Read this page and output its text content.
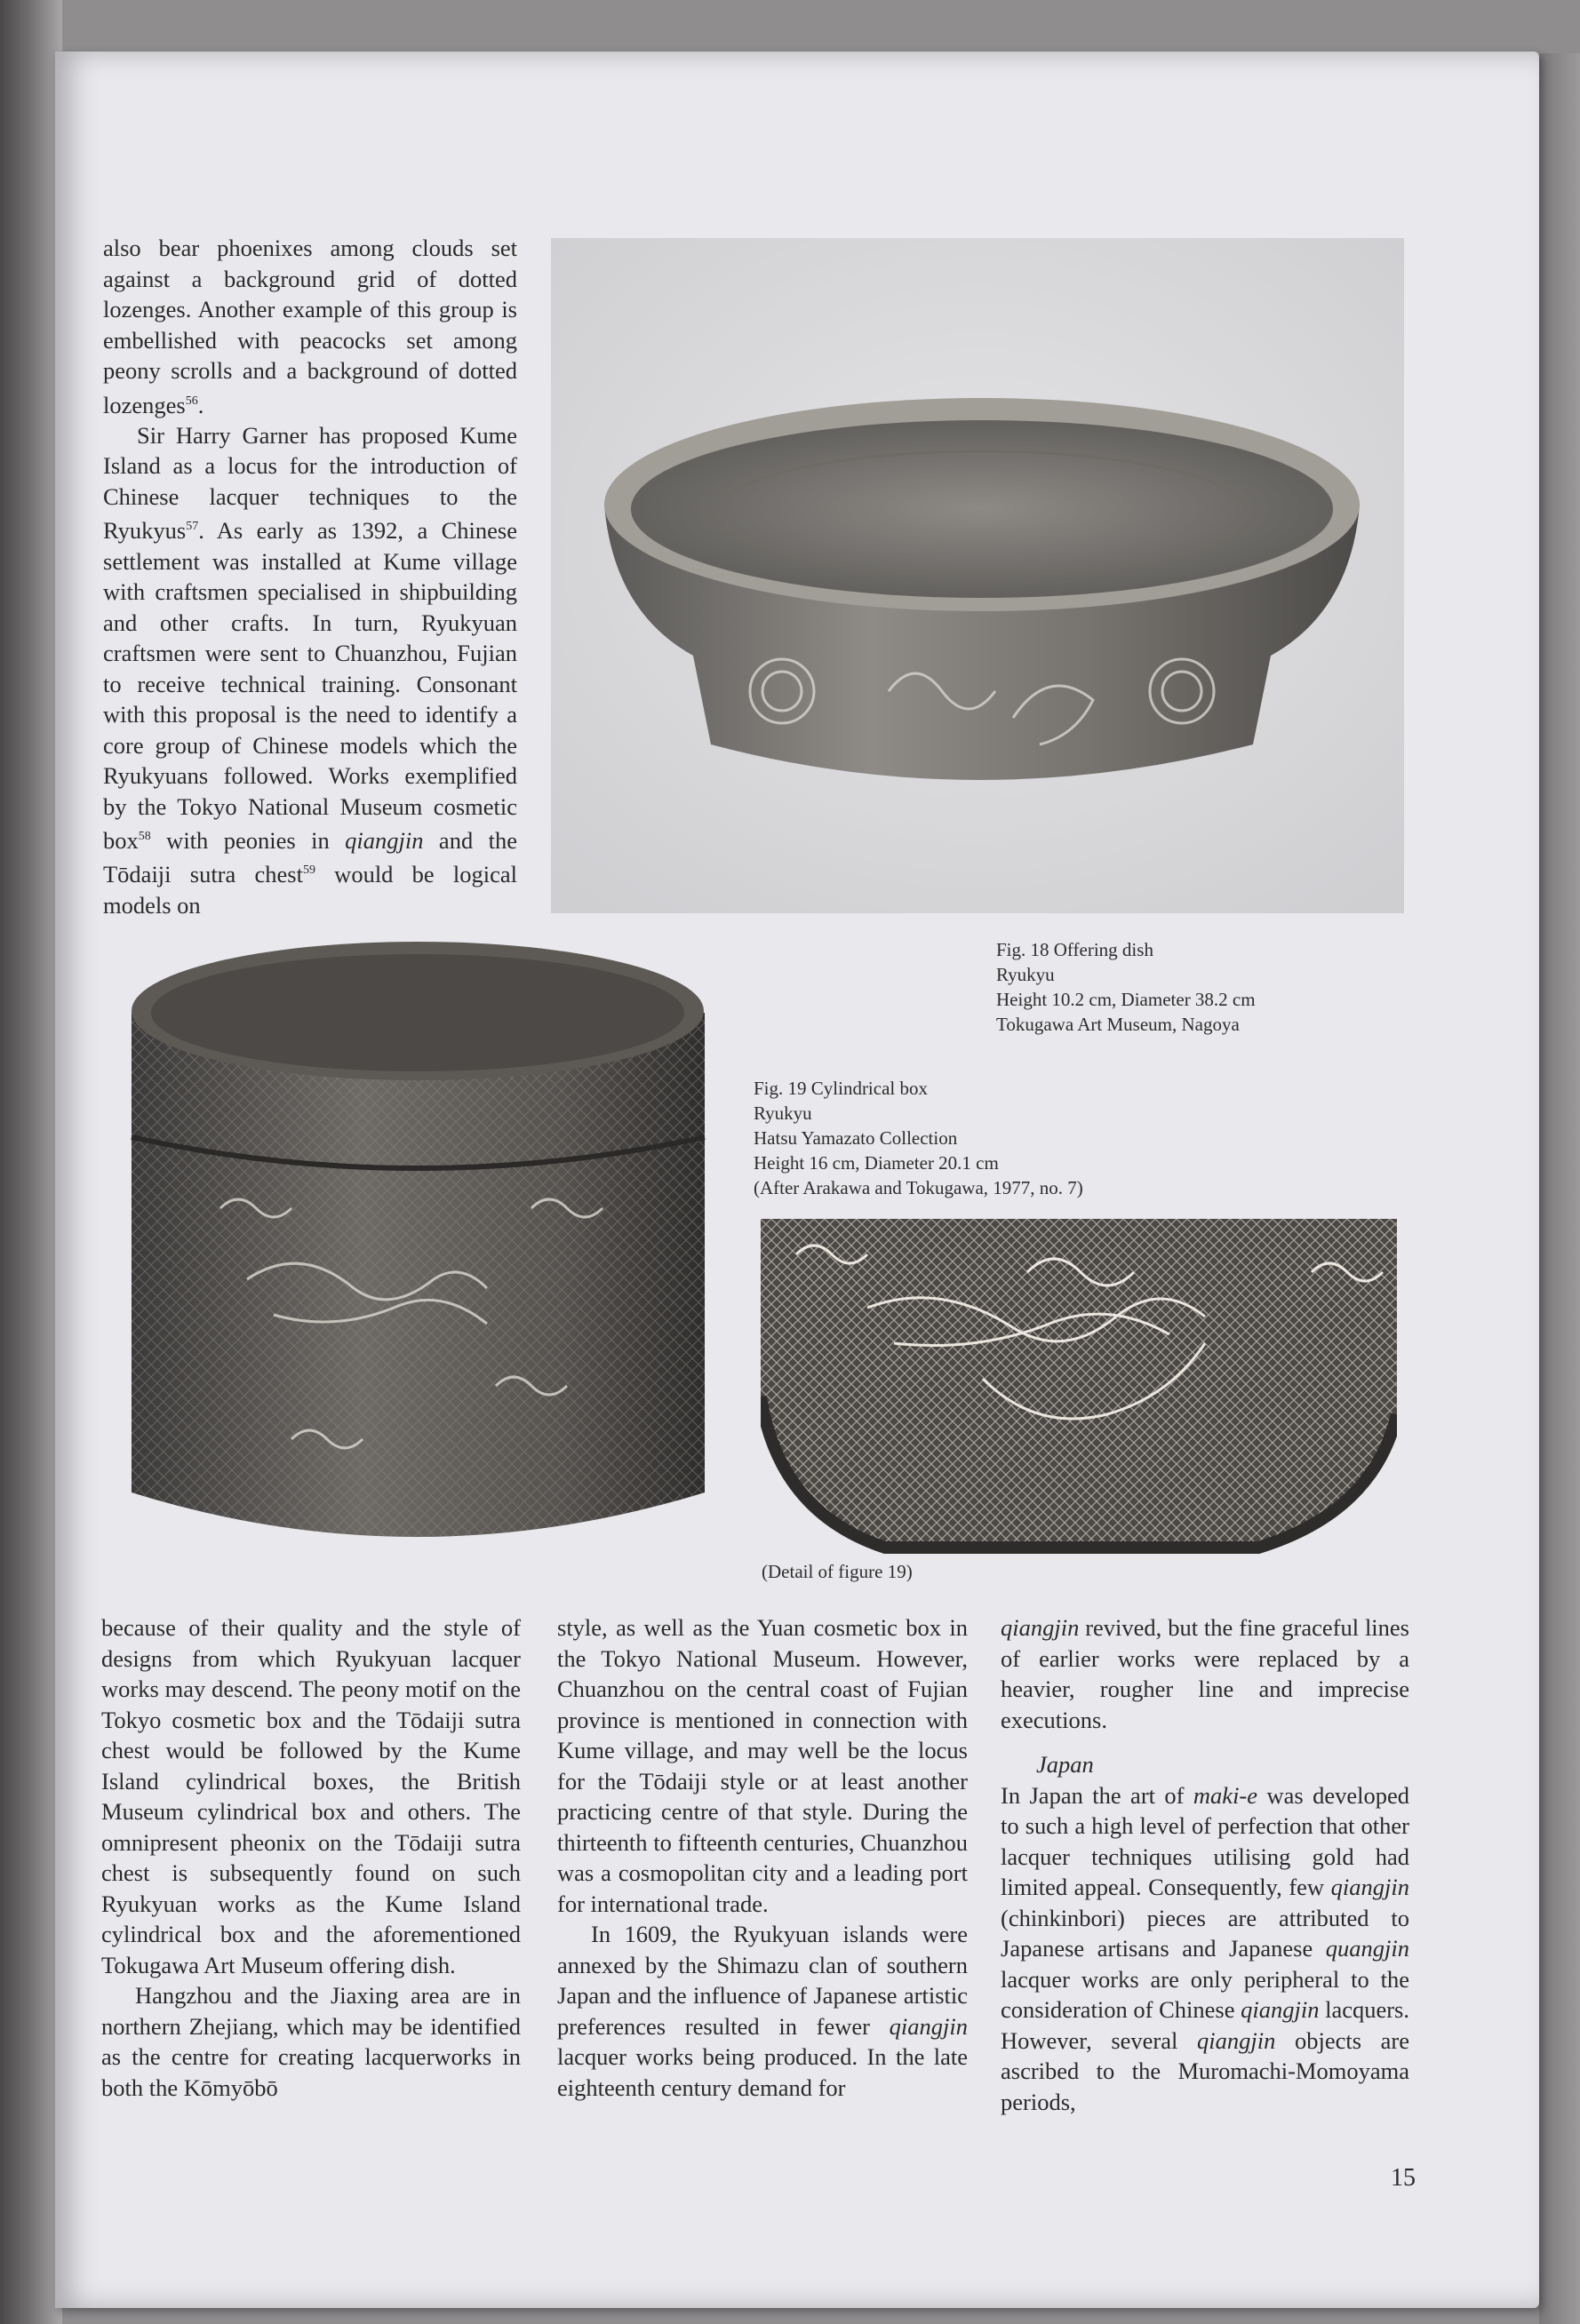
also bear phoenixes among clouds set against a background grid of dotted lozenges. Another example of this group is embellished with peacocks set among peony scrolls and a background of dotted lozenges$^{56}$.

Sir Harry Garner has proposed Kume Island as a locus for the introduction of Chinese lacquer techniques to the Ryukyus$^{57}$. As early as 1392, a Chinese settlement was installed at Kume village with craftsmen specialised in shipbuilding and other crafts. In turn, Ryukyuan craftsmen were sent to Chuanzhou, Fujian to receive technical training. Consonant with this proposal is the need to identify a core group of Chinese models which the Ryukyuans followed. Works exemplified by the Tokyo National Museum cosmetic box$^{58}$ with peonies in qiangjin and the Tōdaiji sutra chest$^{59}$ would be logical models on

Fig. 18 Offering dish
Ryukyu
Height 10.2 cm, Diameter 38.2 cm
Tokugawa Art Museum, Nagoya
Fig. 19 Cylindrical box
Ryukyu
Hatsu Yamazato Collection
Height 16 cm, Diameter 20.1 cm
(After Arakawa and Tokugawa, 1977, no. 7)
(Detail of figure 19)

because of their quality and the style of designs from which Ryukyuan lacquer works may descend. The peony motif on the Tokyo cosmetic box and the Tōdaiji sutra chest would be followed by the Kume Island cylindrical boxes, the British Museum cylindrical box and others. The omnipresent pheonix on the Tōdaiji sutra chest is subsequently found on such Ryukyuan works as the Kume Island cylindrical box and the aforementioned Tokugawa Art Museum offering dish.

Hangzhou and the Jiaxing area are in northern Zhejiang, which may be identified as the centre for creating lacquerworks in both the Kōmyōbō

style, as well as the Yuan cosmetic box in the Tokyo National Museum. However, Chuanzhou on the central coast of Fujian province is mentioned in connection with Kume village, and may well be the locus for the Tōdaiji style or at least another practicing centre of that style. During the thirteenth to fifteenth centuries, Chuanzhou was a cosmopolitan city and a leading port for international trade.

In 1609, the Ryukyuan islands were annexed by the Shimazu clan of southern Japan and the influence of Japanese artistic preferences resulted in fewer qiangjin lacquer works being produced. In the late eighteenth century demand for

qiangjin revived, but the fine graceful lines of earlier works were replaced by a heavier, rougher line and imprecise executions.

Japan

In Japan the art of maki-e was developed to such a high level of perfection that other lacquer techniques utilising gold had limited appeal. Consequently, few qiangjin (chinkinbori) pieces are attributed to Japanese artisans and Japanese quangjin lacquer works are only peripheral to the consideration of Chinese qiangjin lacquers. However, several qiangjin objects are ascribed to the Muromachi-Momoyama periods,

15
